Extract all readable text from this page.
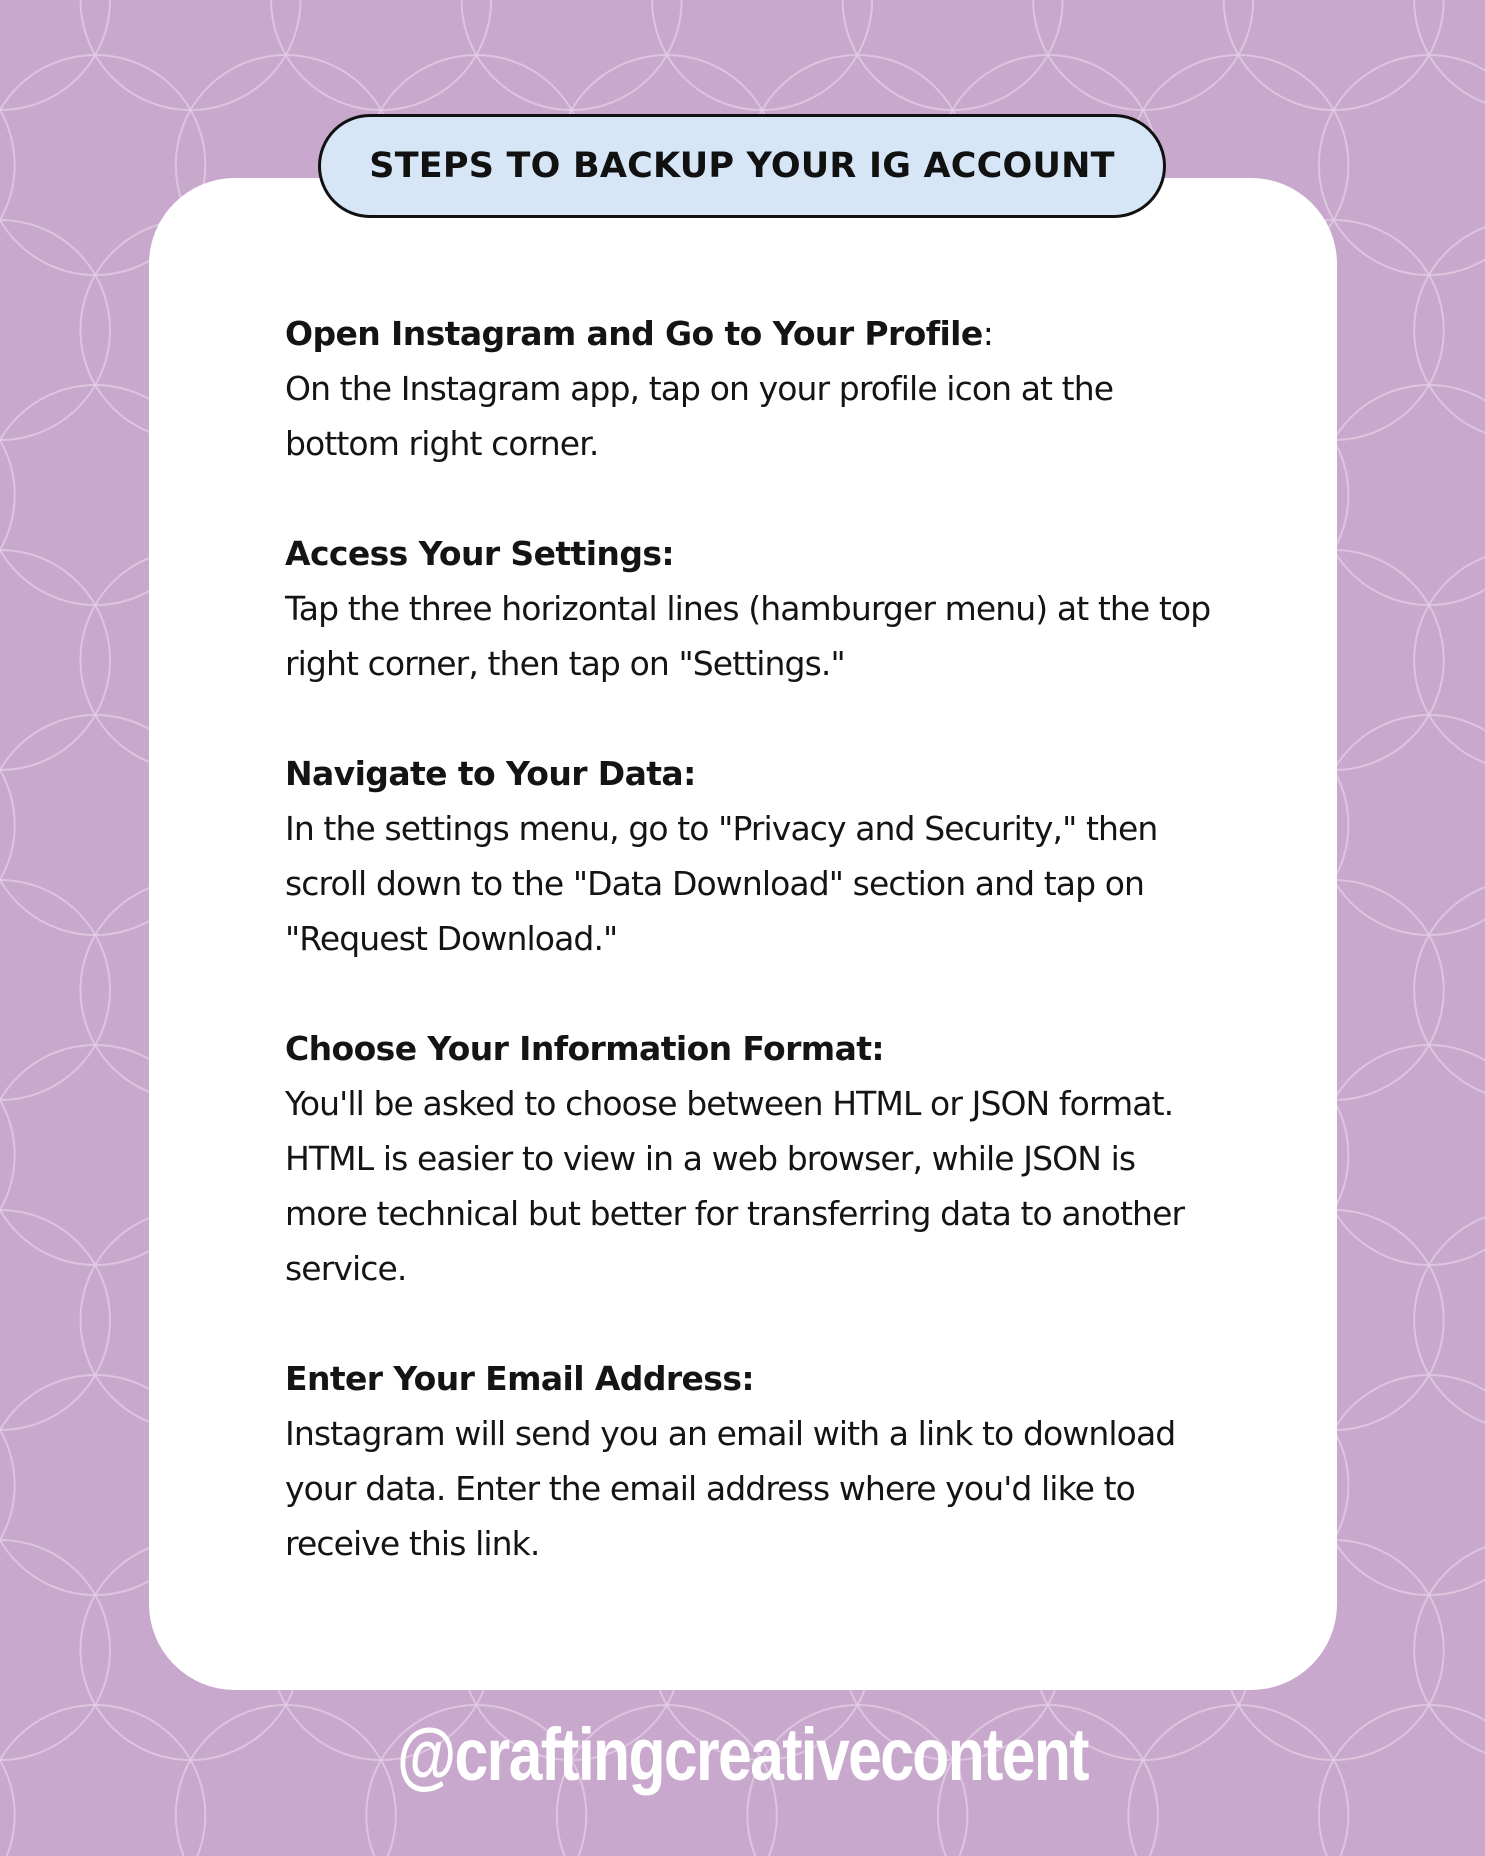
STEPS TO BACKUP YOUR IG ACCOUNT
Open Instagram and Go to Your Profile:

On the Instagram app, tap on your profile icon at the bottom right corner.

Access Your Settings:

Tap the three horizontal lines (hamburger menu) at the top right corner, then tap on "Settings."

Navigate to Your Data:

In the settings menu, go to "Privacy and Security," then scroll down to the "Data Download" section and tap on "Request Download."

Choose Your Information Format:

You'll be asked to choose between HTML or JSON format. HTML is easier to view in a web browser, while JSON is more technical but better for transferring data to another service.

Enter Your Email Address:

Instagram will send you an email with a link to download your data. Enter the email address where you'd like to receive this link.

@craftingcreativecontent
